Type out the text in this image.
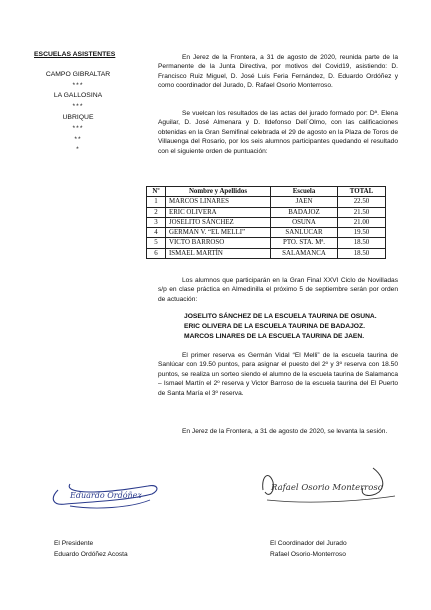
ESCUELAS ASISTENTES
CAMPO GIBRALTAR
***
LA GALLOSINA
***
UBRIQUE
***
**
*

En Jerez de la Frontera, a 31 de agosto de 2020, reunida parte de la Permanente de la Junta Directiva, por motivos del Covid19, asistiendo: D. Francisco Ruiz Miguel, D. José Luis Feria Fernández, D. Eduardo Ordóñez y como coordinador del Jurado, D. Rafael Osorio Monterroso.

Se vuelcan los resultados de las actas del jurado formado por: Dª. Elena Aguilar, D. José Almenara y D. Ildefonso Dell´Olmo, con las calificaciones obtenidas en la Gran Semifinal celebrada el 29 de agosto en la Plaza de Toros de Villauenga del Rosario, por los seis alumnos participantes quedando el resultado con el siguiente orden de puntuación:

Nº	Nombre y Apellidos	Escuela	TOTAL
1	MARCOS LINARES	JAEN	22.50
2	ERIC OLIVERA	BADAJOZ	21.50
3	JOSELITO SÁNCHEZ	OSUNA	21.00
4	GERMAN V. “EL MELLI”	SANLUCAR	19.50
5	VICTO BARROSO	PTO. STA. Mª.	18.50
6	ISMAEL MARTÍN	SALAMANCA	18.50

Los alumnos que participarán en la Gran Final XXVI Ciclo de Novilladas s/p en clase práctica en Almedinilla el próximo 5 de septiembre serán por orden de actuación:

JOSELITO SÁNCHEZ DE LA ESCUELA TAURINA DE OSUNA.
ERIC OLIVERA DE LA ESCUELA TAURINA DE BADAJOZ.
MARCOS LINARES DE LA ESCUELA TAURINA DE JAEN.

El primer reserva es Germán Vidal “El Melli” de la escuela taurina de Sanlúcar con 19.50 puntos, para asignar el puesto del 2º y 3º reserva con 18.50 puntos, se realiza un sorteo siendo el alumno de la escuela taurina de Salamanca – Ismael Martín el 2º reserva y Victor Barroso de la escuela taurina del El Puerto de Santa María el 3º reserva.

En Jerez de la Frontera, a 31 de agosto de 2020, se levanta la sesión.

Eduardo Ordóñez
Rafael Osorio Monterroso
El Presidente
Eduardo Ordóñez Acosta
El Coordinador del Jurado
Rafael Osorio-Monterroso
